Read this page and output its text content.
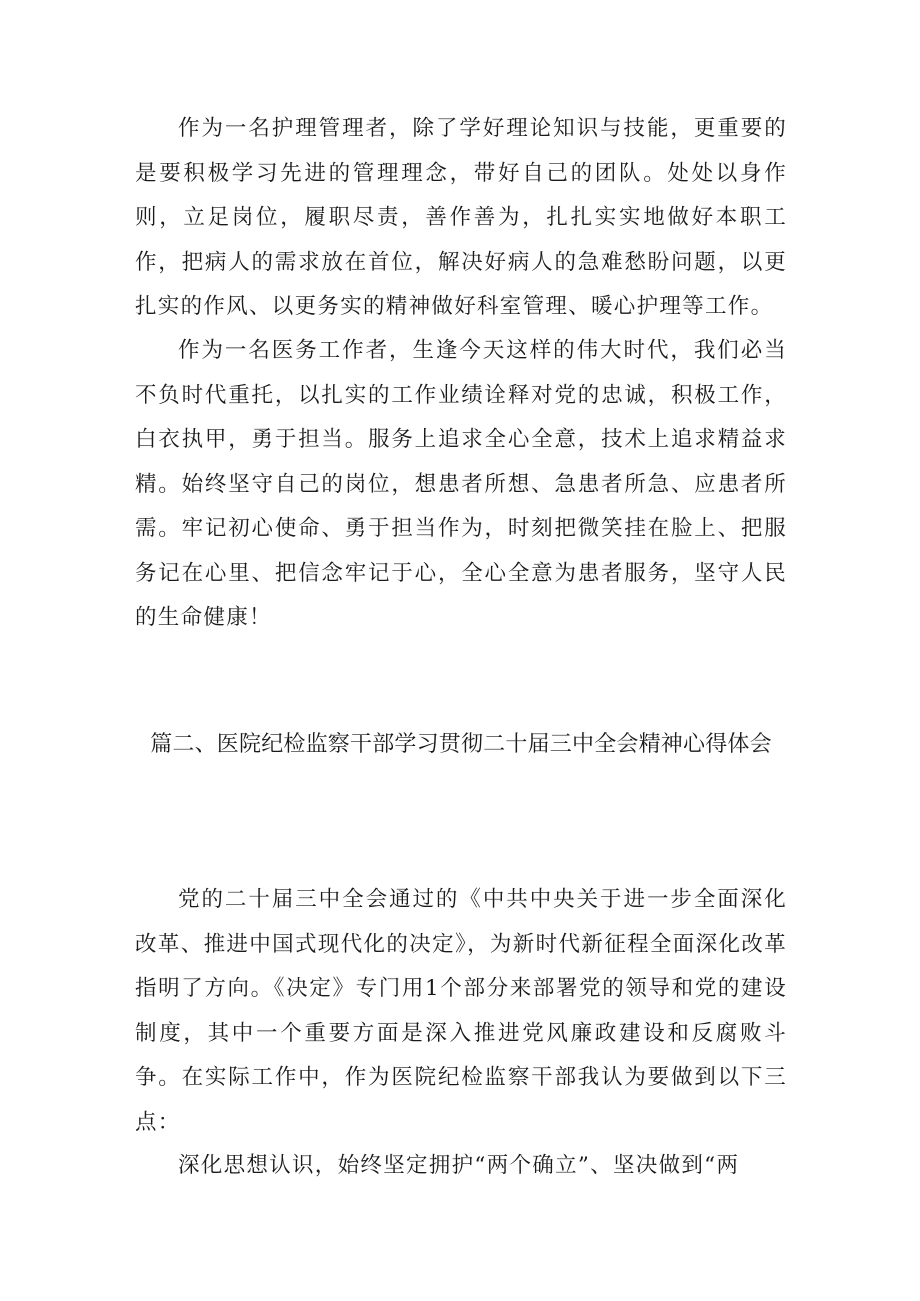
作为一名护理管理者，除了学好理论知识与技能，更重要的是要积极学习先进的管理理念，带好自己的团队。处处以身作则，立足岗位，履职尽责，善作善为，扎扎实实地做好本职工作，把病人的需求放在首位，解决好病人的急难愁盼问题，以更扎实的作风、以更务实的精神做好科室管理、暖心护理等工作。

作为一名医务工作者，生逢今天这样的伟大时代，我们必当不负时代重托，以扎实的工作业绩诠释对党的忠诚，积极工作，白衣执甲，勇于担当。服务上追求全心全意，技术上追求精益求精。始终坚守自己的岗位，想患者所想、急患者所急、应患者所需。牢记初心使命、勇于担当作为，时刻把微笑挂在脸上、把服务记在心里、把信念牢记于心，全心全意为患者服务，坚守人民的生命健康！

篇二、医院纪检监察干部学习贯彻二十届三中全会精神心得体会

党的二十届三中全会通过的《中共中央关于进一步全面深化改革、推进中国式现代化的决定》，为新时代新征程全面深化改革指明了方向。《决定》专门用1个部分来部署党的领导和党的建设制度，其中一个重要方面是深入推进党风廉政建设和反腐败斗争。在实际工作中，作为医院纪检监察干部我认为要做到以下三点：

深化思想认识，始终坚定拥护“两个确立”、坚决做到“两
